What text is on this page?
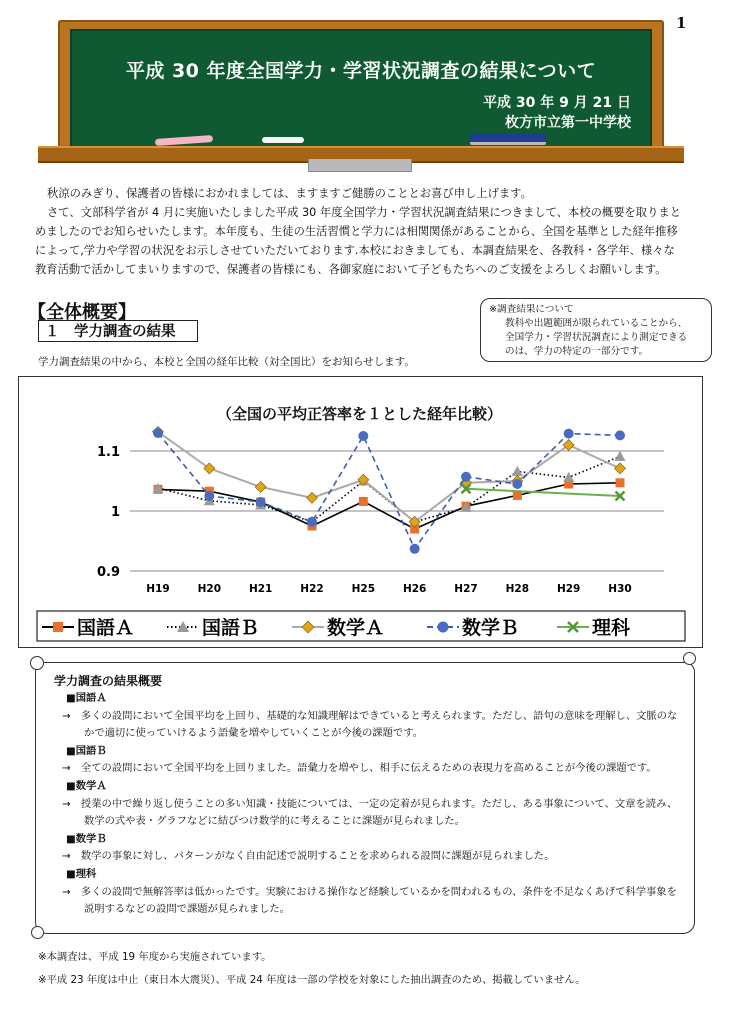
1
平成 30 年度全国学力・学習状況調査の結果について
平成 30 年 9 月 21 日
枚方市立第一中学校

秋涼のみぎり、保護者の皆様におかれましては、ますますご健勝のこととお喜び申し上げます。

さて、文部科学省が 4 月に実施いたしました平成 30 年度全国学力・学習状況調査結果につきまして、本校の概要を取りまとめましたのでお知らせいたします。本年度も、生徒の生活習慣と学力には相関関係があることから、全国を基準とした経年推移によって,学力や学習の状況をお示しさせていただいております.本校におきましても、本調査結果を、各教科・各学年、様々な教育活動で活かしてまいりますので、保護者の皆様にも、各御家庭において子どもたちへのご支援をよろしくお願いします。

【全体概要】
１　学力調査の結果
※調査結果について
教科や出題範囲が限られていることから、
全国学力・学習状況調査により測定できる
のは、学力の特定の一部分です。
学力調査結果の中から、本校と全国の経年比較（対全国比）をお知らせします。
（全国の平均正答率を１とした経年比較）
0.9
1
1.1
H19	H20	H21	H22	H25	H26	H27	H28	H29	H30
国語Ａ	国語Ｂ	数学Ａ	数学Ｂ	理科
学力調査の結果概要
■国語Ａ
→　多くの設問において全国平均を上回り、基礎的な知識理解はできていると考えられます。ただし、語句の意味を理解し、文脈のなかで適切に使っていけるよう語彙を増やしていくことが今後の課題です。
■国語Ｂ
→　全ての設問において全国平均を上回りました。語彙力を増やし、相手に伝えるための表現力を高めることが今後の課題です。
■数学Ａ
→　授業の中で繰り返し使うことの多い知識・技能については、一定の定着が見られます。ただし、ある事象について、文章を読み、数学の式や表・グラフなどに結びつけ数学的に考えることに課題が見られました。
■数学Ｂ
→　数学の事象に対し、パターンがなく自由記述で説明することを求められる設問に課題が見られました。
■理科
→　多くの設問で無解答率は低かったです。実験における操作など経験しているかを問われるもの、条件を不足なくあげて科学事象を説明するなどの設問で課題が見られました。
※本調査は、平成 19 年度から実施されています。
※平成 23 年度は中止（東日本大震災）、平成 24 年度は一部の学校を対象にした抽出調査のため、掲載していません。
